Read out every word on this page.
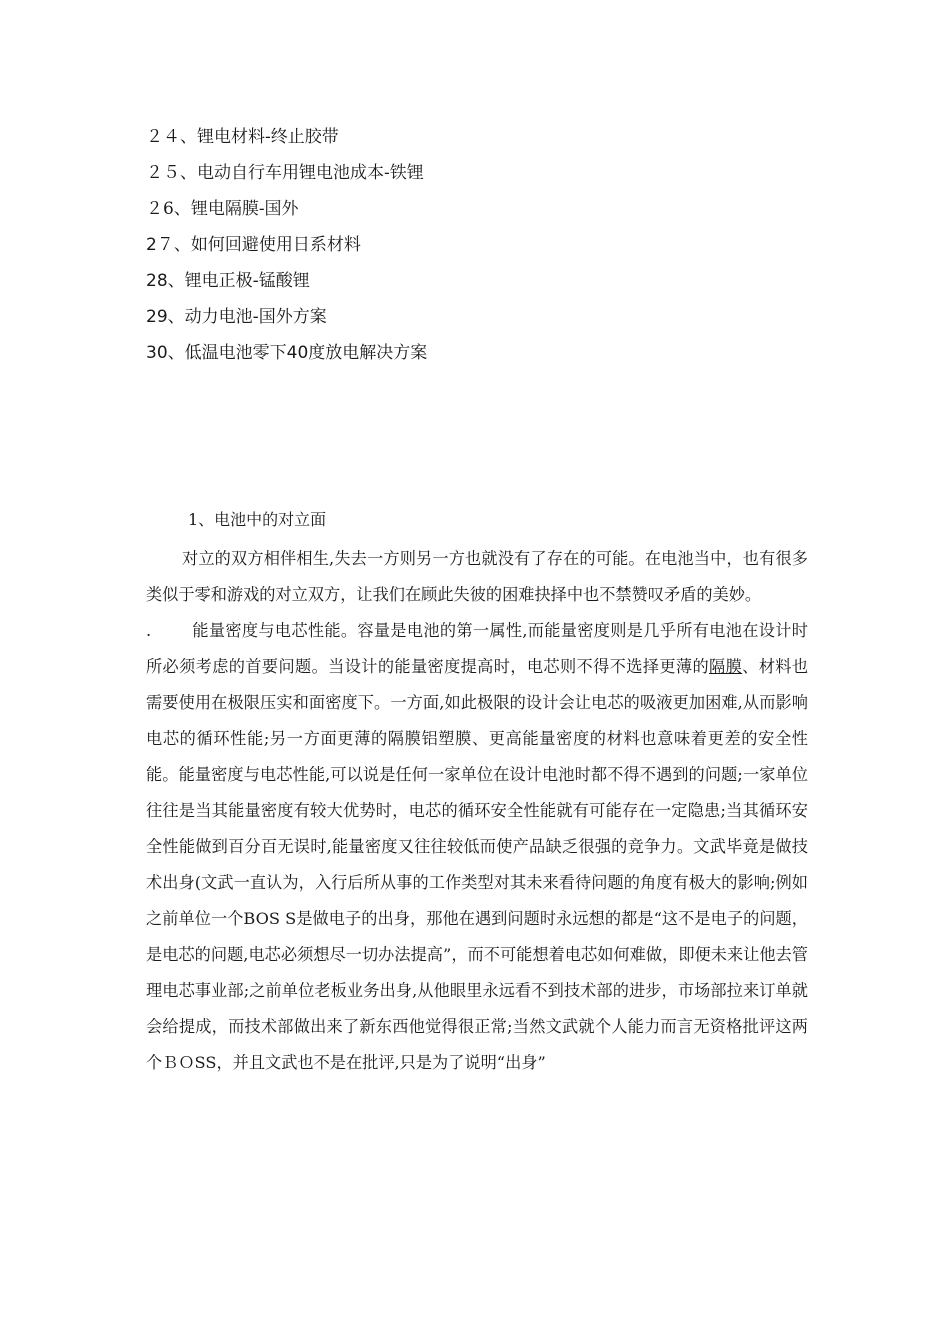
２４、锂电材料-终止胶带
２５、电动自行车用锂电池成本-铁锂
２6、锂电隔膜-国外
2７、如何回避使用日系材料
28、锂电正极-锰酸锂
29、动力电池-国外方案
30、低温电池零下40度放电解决方案
1、电池中的对立面

对立的双方相伴相生,失去一方则另一方也就没有了存在的可能。在电池当中，也有很多类似于零和游戏的对立双方，让我们在顾此失彼的困难抉择中也不禁赞叹矛盾的美妙。

.	能量密度与电芯性能。容量是电池的第一属性,而能量密度则是几乎所有电池在设计时所必须考虑的首要问题。当设计的能量密度提高时，电芯则不得不选择更薄的隔膜、材料也需要使用在极限压实和面密度下。一方面,如此极限的设计会让电芯的吸液更加困难,从而影响电芯的循环性能;另一方面更薄的隔膜铝塑膜、更高能量密度的材料也意味着更差的安全性能。能量密度与电芯性能,可以说是任何一家单位在设计电池时都不得不遇到的问题;一家单位往往是当其能量密度有较大优势时，电芯的循环安全性能就有可能存在一定隐患;当其循环安全性能做到百分百无误时,能量密度又往往较低而使产品缺乏很强的竞争力。文武毕竟是做技术出身(文武一直认为，入行后所从事的工作类型对其未来看待问题的角度有极大的影响;例如之前单位一个BOS S是做电子的出身，那他在遇到问题时永远想的都是“这不是电子的问题，是电芯的问题,电芯必须想尽一切办法提高”，而不可能想着电芯如何难做，即便未来让他去管理电芯事业部;之前单位老板业务出身,从他眼里永远看不到技术部的进步，市场部拉来订单就会给提成，而技术部做出来了新东西他觉得很正常;当然文武就个人能力而言无资格批评这两个ＢＯSS，并且文武也不是在批评,只是为了说明“出身”
